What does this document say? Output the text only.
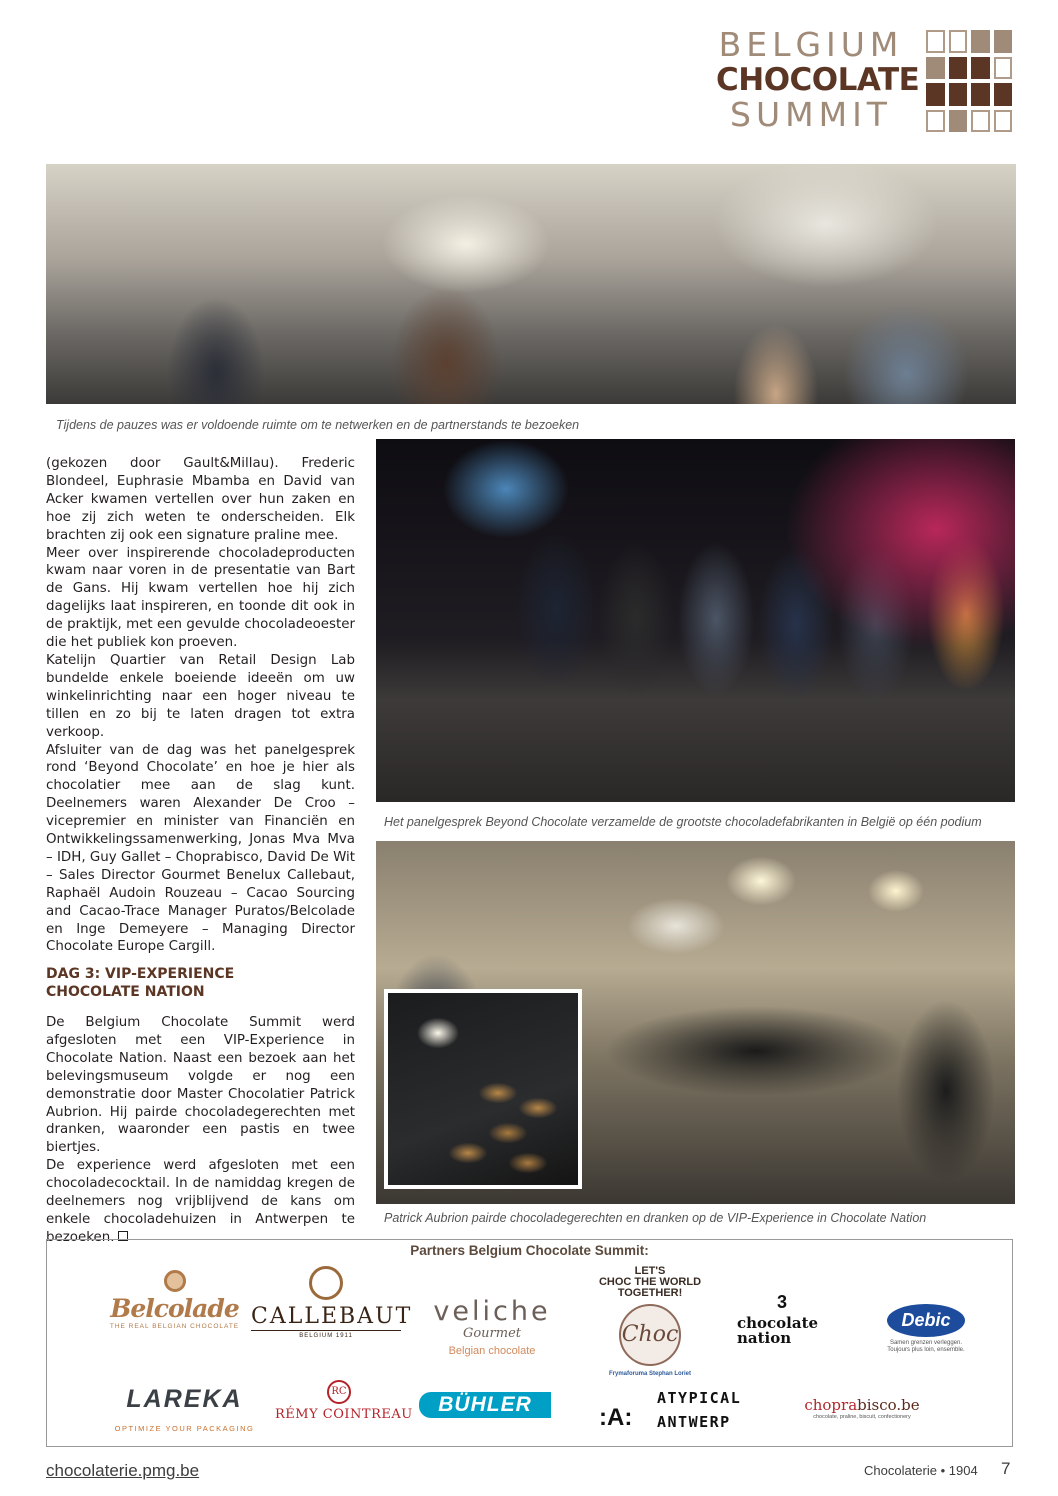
BELGIUM
CHOCOLATE
SUMMIT
Tijdens de pauzes was er voldoende ruimte om te netwerken en de partnerstands te bezoeken
Het panelgesprek Beyond Chocolate verzamelde de grootste chocoladefabrikanten in België op één podium
Patrick Aubrion pairde chocoladegerechten en dranken op de VIP-Experience in Chocolate Nation

(gekozen door Gault&Millau). Frederic Blondeel, Euphrasie Mbamba en David van Acker kwamen vertellen over hun zaken en hoe zij zich weten te onderscheiden. Elk brachten zij ook een signature praline mee.

Meer over inspirerende chocoladeproducten kwam naar voren in de presentatie van Bart de Gans. Hij kwam vertellen hoe hij zich dagelijks laat inspireren, en toonde dit ook in de praktijk, met een gevulde chocoladeoester die het publiek kon proeven.

Katelijn Quartier van Retail Design Lab bundelde enkele boeiende ideeën om uw winkelinrichting naar een hoger niveau te tillen en zo bij te laten dragen tot extra verkoop.

Afsluiter van de dag was het panelgesprek rond ‘Beyond Chocolate’ en hoe je hier als chocolatier mee aan de slag kunt. Deelnemers waren Alexander De Croo – vicepremier en minister van Financiën en Ontwikkelingssamenwerking, Jonas Mva Mva – IDH, Guy Gallet – Choprabisco, David De Wit – Sales Director Gourmet Benelux Callebaut, Raphaël Audoin Rouzeau – Cacao Sourcing and Cacao-Trace Manager Puratos/Belcolade en Inge Demeyere – Managing Director Chocolate Europe Cargill.

DAG 3: VIP-EXPERIENCE
CHOCOLATE NATION

De Belgium Chocolate Summit werd afgesloten met een VIP-Experience in Chocolate Nation. Naast een bezoek aan het belevingsmuseum volgde er nog een demonstratie door Master Chocolatier Patrick Aubrion. Hij pairde chocoladegerechten met dranken, waaronder een pastis en twee biertjes.

De experience werd afgesloten met een chocoladecocktail. In de namiddag kregen de deelnemers nog vrijblijvend de kans om enkele chocoladehuizen in Antwerpen te bezoeken.

Partners Belgium Chocolate Summit:
Belcolade
THE REAL BELGIAN CHOCOLATE CALLEBAUT
BELGIUM 1911
veliche
Gourmet
Belgian chocolate
LET'S
CHOC THE WORLD
TOGETHER!
Choc
Frymaforuma Stephan Loriet
3
chocolate
nation
Debic
Samen grenzen verleggen.
Toujours plus loin, ensemble.
LARЕKA
OPTIMIZE YOUR PACKAGING
RC
RÉMY COINTREAU	BÜHLER	:A:
ATYPICAL
ANTWERP
choprabisco.be
chocolate, praline, biscuit, confectionery
chocolaterie.pmg.be	Chocolaterie • 1904 7
